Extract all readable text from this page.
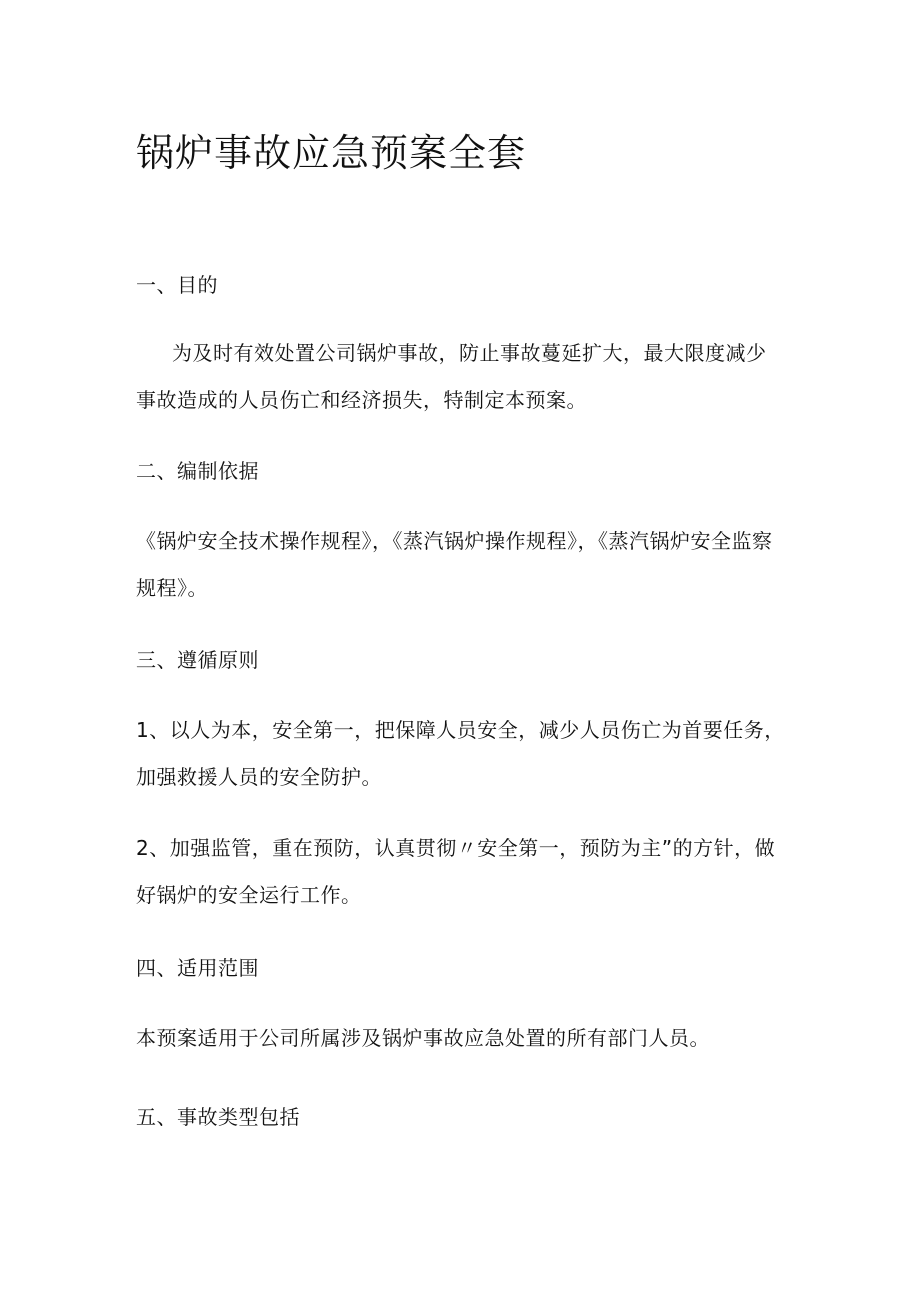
锅炉事故应急预案全套
一、目的
为及时有效处置公司锅炉事故，防止事故蔓延扩大，最大限度减少事故造成的人员伤亡和经济损失，特制定本预案。
二、编制依据
《锅炉安全技术操作规程》，《蒸汽锅炉操作规程》，《蒸汽锅炉安全监察规程》。
三、遵循原则
1、以人为本，安全第一，把保障人员安全，减少人员伤亡为首要任务，加强救援人员的安全防护。
2、加强监管，重在预防，认真贯彻〃安全第一，预防为主”的方针，做好锅炉的安全运行工作。
四、适用范围
本预案适用于公司所属涉及锅炉事故应急处置的所有部门人员。
五、事故类型包括
